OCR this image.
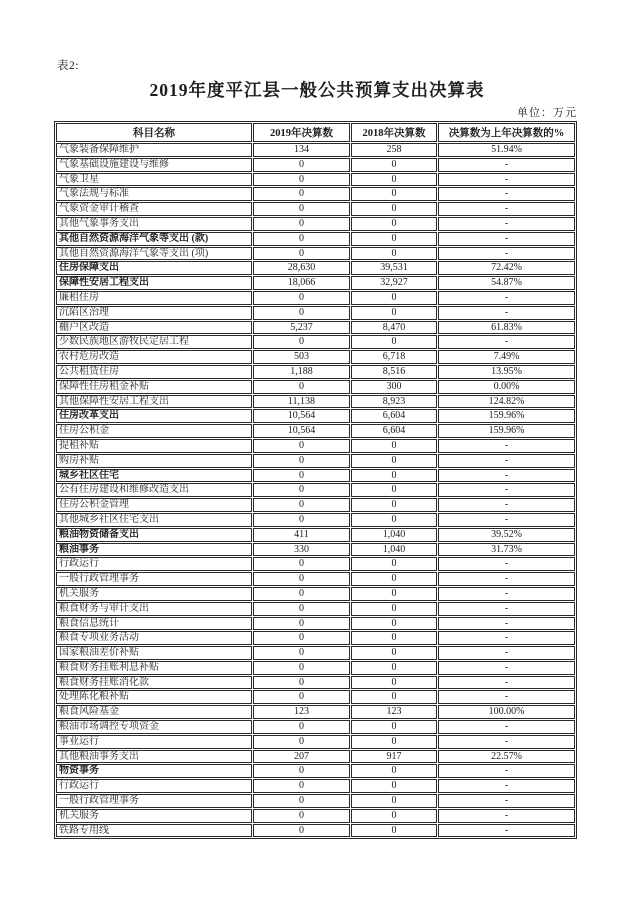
表2:
2019年度平江县一般公共预算支出决算表
单位：万元
科目名称	2019年决算数	2018年决算数	决算数为上年决算数的%
气象装备保障维护	134	258	51.94%
气象基础设施建设与维修	0	0	-
气象卫星	0	0	-
气象法规与标准	0	0	-
气象资金审计稽查	0	0	-
其他气象事务支出	0	0	-
其他自然资源海洋气象等支出 (款)	0	0	-
其他自然资源海洋气象等支出 (项)	0	0	-
住房保障支出	28,630	39,531	72.42%
保障性安居工程支出	18,066	32,927	54.87%
廉租住房	0	0	-
沉陷区治理	0	0	-
棚户区改造	5,237	8,470	61.83%
少数民族地区游牧民定居工程	0	0	-
农村危房改造	503	6,718	7.49%
公共租赁住房	1,188	8,516	13.95%
保障性住房租金补贴	0	300	0.00%
其他保障性安居工程支出	11,138	8,923	124.82%
住房改革支出	10,564	6,604	159.96%
住房公积金	10,564	6,604	159.96%
提租补贴	0	0	-
购房补贴	0	0	-
城乡社区住宅	0	0	-
公有住房建设和维修改造支出	0	0	-
住房公积金管理	0	0	-
其他城乡社区住宅支出	0	0	-
粮油物资储备支出	411	1,040	39.52%
粮油事务	330	1,040	31.73%
行政运行	0	0	-
一般行政管理事务	0	0	-
机关服务	0	0	-
粮食财务与审计支出	0	0	-
粮食信息统计	0	0	-
粮食专项业务活动	0	0	-
国家粮油差价补贴	0	0	-
粮食财务挂账利息补贴	0	0	-
粮食财务挂账消化款	0	0	-
处理陈化粮补贴	0	0	-
粮食风险基金	123	123	100.00%
粮油市场调控专项资金	0	0	-
事业运行	0	0	-
其他粮油事务支出	207	917	22.57%
物资事务	0	0	-
行政运行	0	0	-
一般行政管理事务	0	0	-
机关服务	0	0	-
铁路专用线	0	0	-
